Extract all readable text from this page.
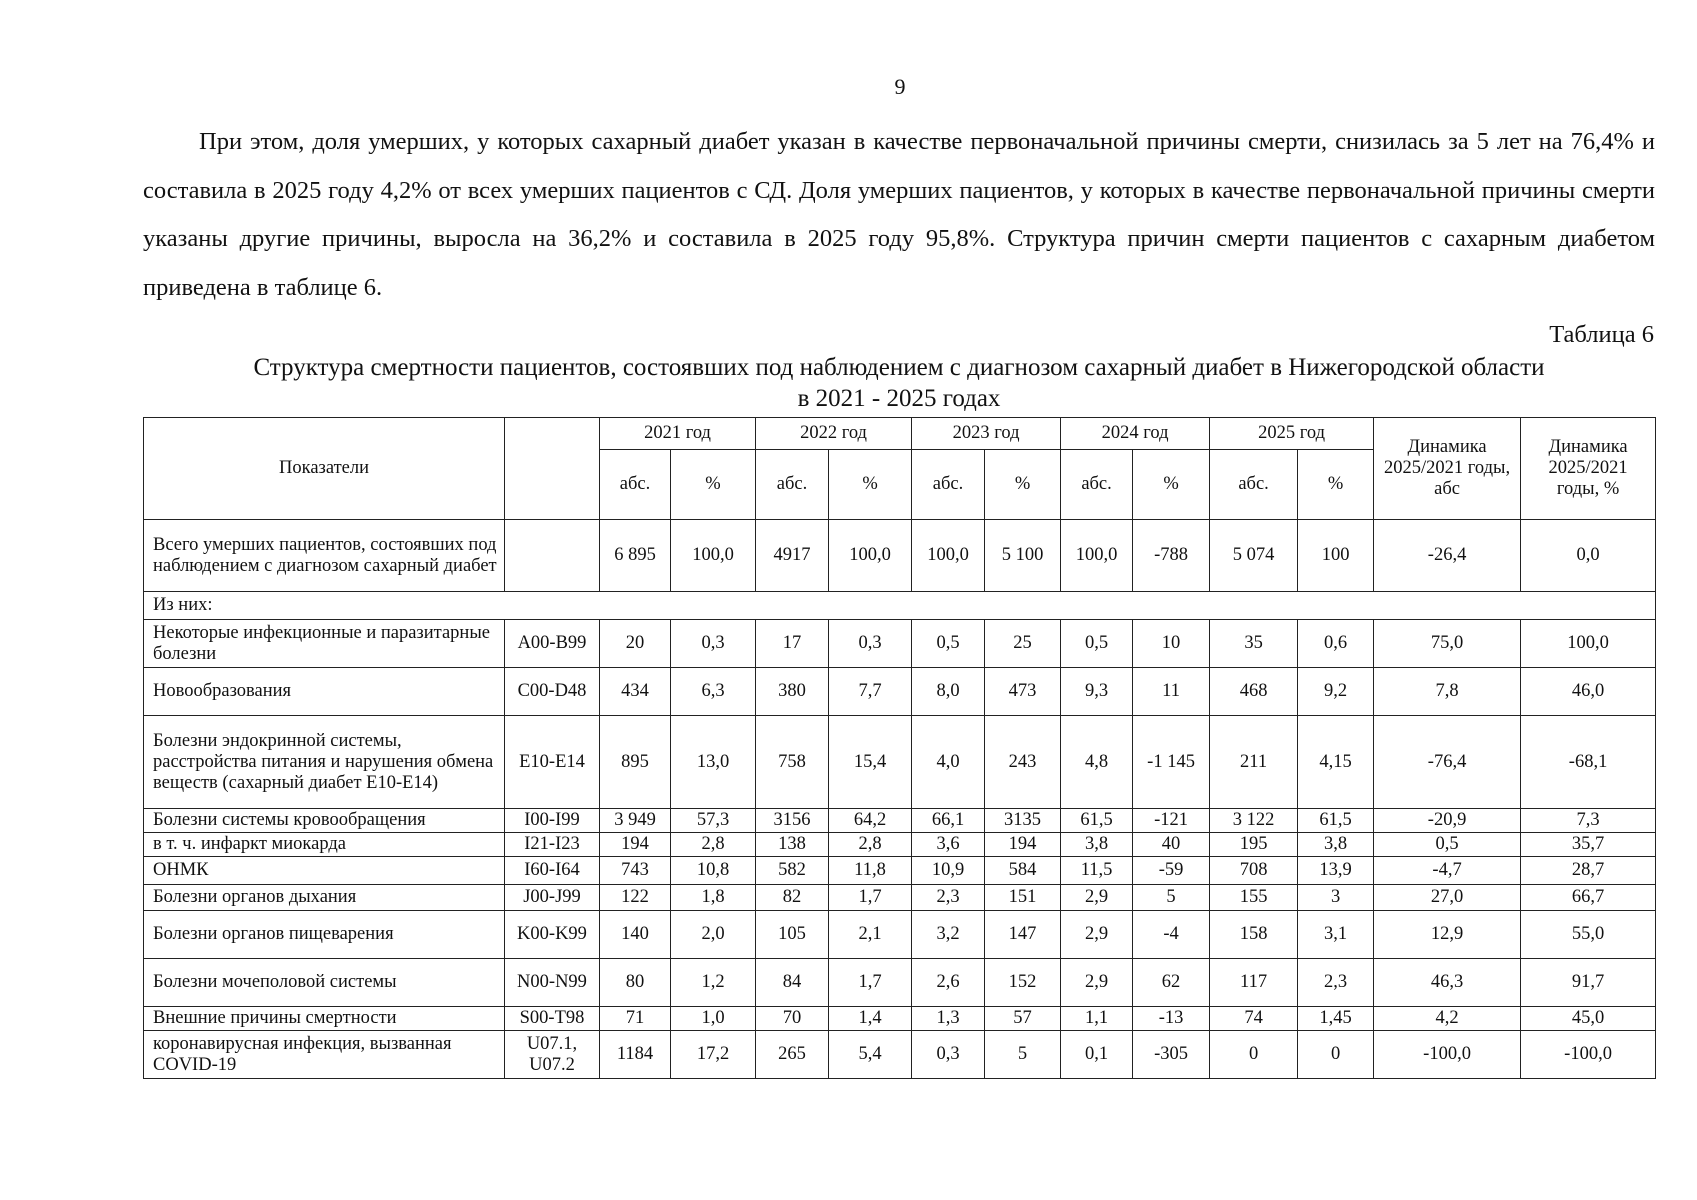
9

При этом, доля умерших, у которых сахарный диабет указан в качестве первоначальной причины смерти, снизилась за 5 лет на 76,4% и составила в 2025 году 4,2% от всех умерших пациентов с СД. Доля умерших пациентов, у которых в качестве первоначальной причины смерти указаны другие причины, выросла на 36,2% и составила в 2025 году 95,8%. Структура причин смерти пациентов с сахарным диабетом приведена в таблице 6.

Таблица 6
Структура смертности пациентов, состоявших под наблюдением с диагнозом сахарный диабет в Нижегородской области
в 2021 - 2025 годах
Показатели		2021 год		2022 год		2023 год		2024 год		2025 год		Динамика 2025/2021 годы, абс	Динамика 2025/2021 годы, %
		абс.	%	абс.	%	абс.	%	абс.	%	абс.	%		
Всего умерших пациентов, состоявших под наблюдением с диагнозом сахарный диабет		6 895	100,0	4917	100,0	100,0	5 100	100,0	-788	5 074	100	-26,4	0,0
Из них:													
Некоторые инфекционные и паразитарные болезни	A00-B99	20	0,3	17	0,3	0,5	25	0,5	10	35	0,6	75,0	100,0
Новообразования	C00-D48	434	6,3	380	7,7	8,0	473	9,3	11	468	9,2	7,8	46,0
Болезни эндокринной системы, расстройства питания и нарушения обмена веществ (сахарный диабет E10-E14)	E10-E14	895	13,0	758	15,4	4,0	243	4,8	-1 145	211	4,15	-76,4	-68,1
Болезни системы кровообращения	I00-I99	3 949	57,3	3156	64,2	66,1	3135	61,5	-121	3 122	61,5	-20,9	7,3
в т. ч. инфаркт миокарда	I21-I23	194	2,8	138	2,8	3,6	194	3,8	40	195	3,8	0,5	35,7
ОНМК	I60-I64	743	10,8	582	11,8	10,9	584	11,5	-59	708	13,9	-4,7	28,7
Болезни органов дыхания	J00-J99	122	1,8	82	1,7	2,3	151	2,9	5	155	3	27,0	66,7
Болезни органов пищеварения	K00-K99	140	2,0	105	2,1	3,2	147	2,9	-4	158	3,1	12,9	55,0
Болезни мочеполовой системы	N00-N99	80	1,2	84	1,7	2,6	152	2,9	62	117	2,3	46,3	91,7
Внешние причины смертности	S00-T98	71	1,0	70	1,4	1,3	57	1,1	-13	74	1,45	4,2	45,0
коронавирусная инфекция, вызванная COVID-19	U07.1, U07.2	1184	17,2	265	5,4	0,3	5	0,1	-305	0	0	-100,0	-100,0
